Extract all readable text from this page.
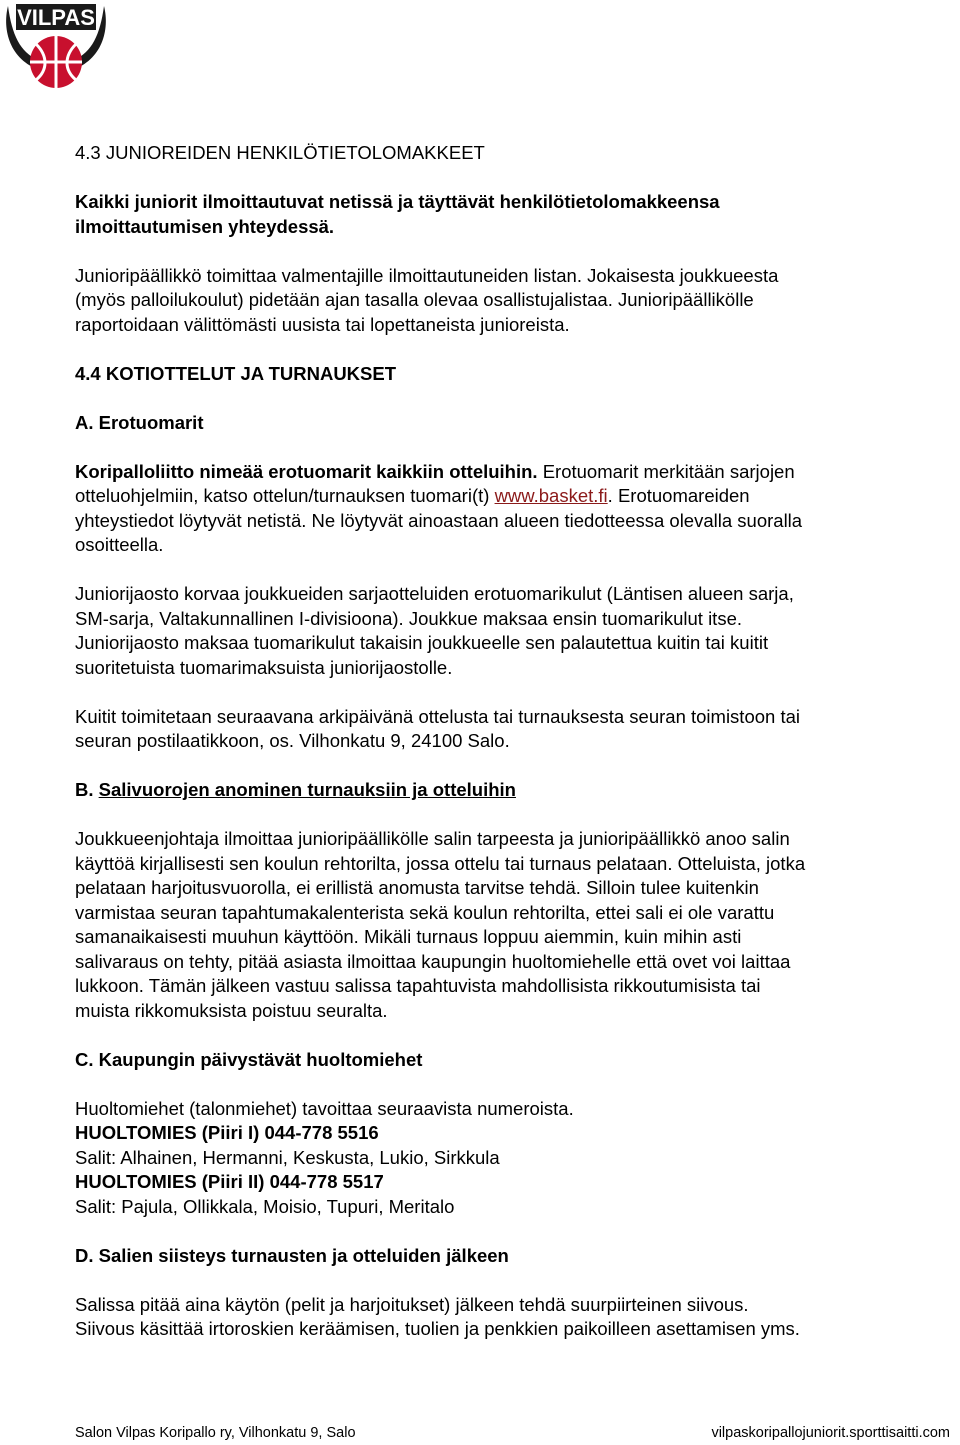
VILPAS
4.3 JUNIOREIDEN HENKILÖTIETOLOMAKKEET
Kaikki juniorit ilmoittautuvat netissä ja täyttävät henkilötietolomakkeensa
ilmoittautumisen yhteydessä.
Junioripäällikkö toimittaa valmentajille ilmoittautuneiden listan. Jokaisesta joukkueesta
(myös palloilukoulut) pidetään ajan tasalla olevaa osallistujalistaa. Junioripäällikölle
raportoidaan välittömästi uusista tai lopettaneista junioreista.
4.4 KOTIOTTELUT JA TURNAUKSET
A. Erotuomarit
Koripalloliitto nimeää erotuomarit kaikkiin otteluihin. Erotuomarit merkitään sarjojen
otteluohjelmiin, katso ottelun/turnauksen tuomari(t) www.basket.fi. Erotuomareiden
yhteystiedot löytyvät netistä. Ne löytyvät ainoastaan alueen tiedotteessa olevalla suoralla
osoitteella.
Juniorijaosto korvaa joukkueiden sarjaotteluiden erotuomarikulut (Läntisen alueen sarja,
SM-sarja, Valtakunnallinen I-divisioona). Joukkue maksaa ensin tuomarikulut itse.
Juniorijaosto maksaa tuomarikulut takaisin joukkueelle sen palautettua kuitin tai kuitit
suoritetuista tuomarimaksuista juniorijaostolle.
Kuitit toimitetaan seuraavana arkipäivänä ottelusta tai turnauksesta seuran toimistoon tai
seuran postilaatikkoon, os. Vilhonkatu 9, 24100 Salo.
B. Salivuorojen anominen turnauksiin ja otteluihin
Joukkueenjohtaja ilmoittaa junioripäällikölle salin tarpeesta ja junioripäällikkö anoo salin
käyttöä kirjallisesti sen koulun rehtorilta, jossa ottelu tai turnaus pelataan. Otteluista, jotka
pelataan harjoitusvuorolla, ei erillistä anomusta tarvitse tehdä. Silloin tulee kuitenkin
varmistaa seuran tapahtumakalenterista sekä koulun rehtorilta, ettei sali ei ole varattu
samanaikaisesti muuhun käyttöön. Mikäli turnaus loppuu aiemmin, kuin mihin asti
salivaraus on tehty, pitää asiasta ilmoittaa kaupungin huoltomiehelle että ovet voi laittaa
lukkoon. Tämän jälkeen vastuu salissa tapahtuvista mahdollisista rikkoutumisista tai
muista rikkomuksista poistuu seuralta.
C. Kaupungin päivystävät huoltomiehet
Huoltomiehet (talonmiehet) tavoittaa seuraavista numeroista.
HUOLTOMIES (Piiri I) 044-778 5516
Salit: Alhainen, Hermanni, Keskusta, Lukio, Sirkkula
HUOLTOMIES (Piiri II) 044-778 5517
Salit: Pajula, Ollikkala, Moisio, Tupuri, Meritalo
D. Salien siisteys turnausten ja otteluiden jälkeen
Salissa pitää aina käytön (pelit ja harjoitukset) jälkeen tehdä suurpiirteinen siivous.
Siivous käsittää irtoroskien keräämisen, tuolien ja penkkien paikoilleen asettamisen yms.
Salon Vilpas Koripallo ry, Vilhonkatu 9, Salo	vilpaskoripallojuniorit.sporttisaitti.com
